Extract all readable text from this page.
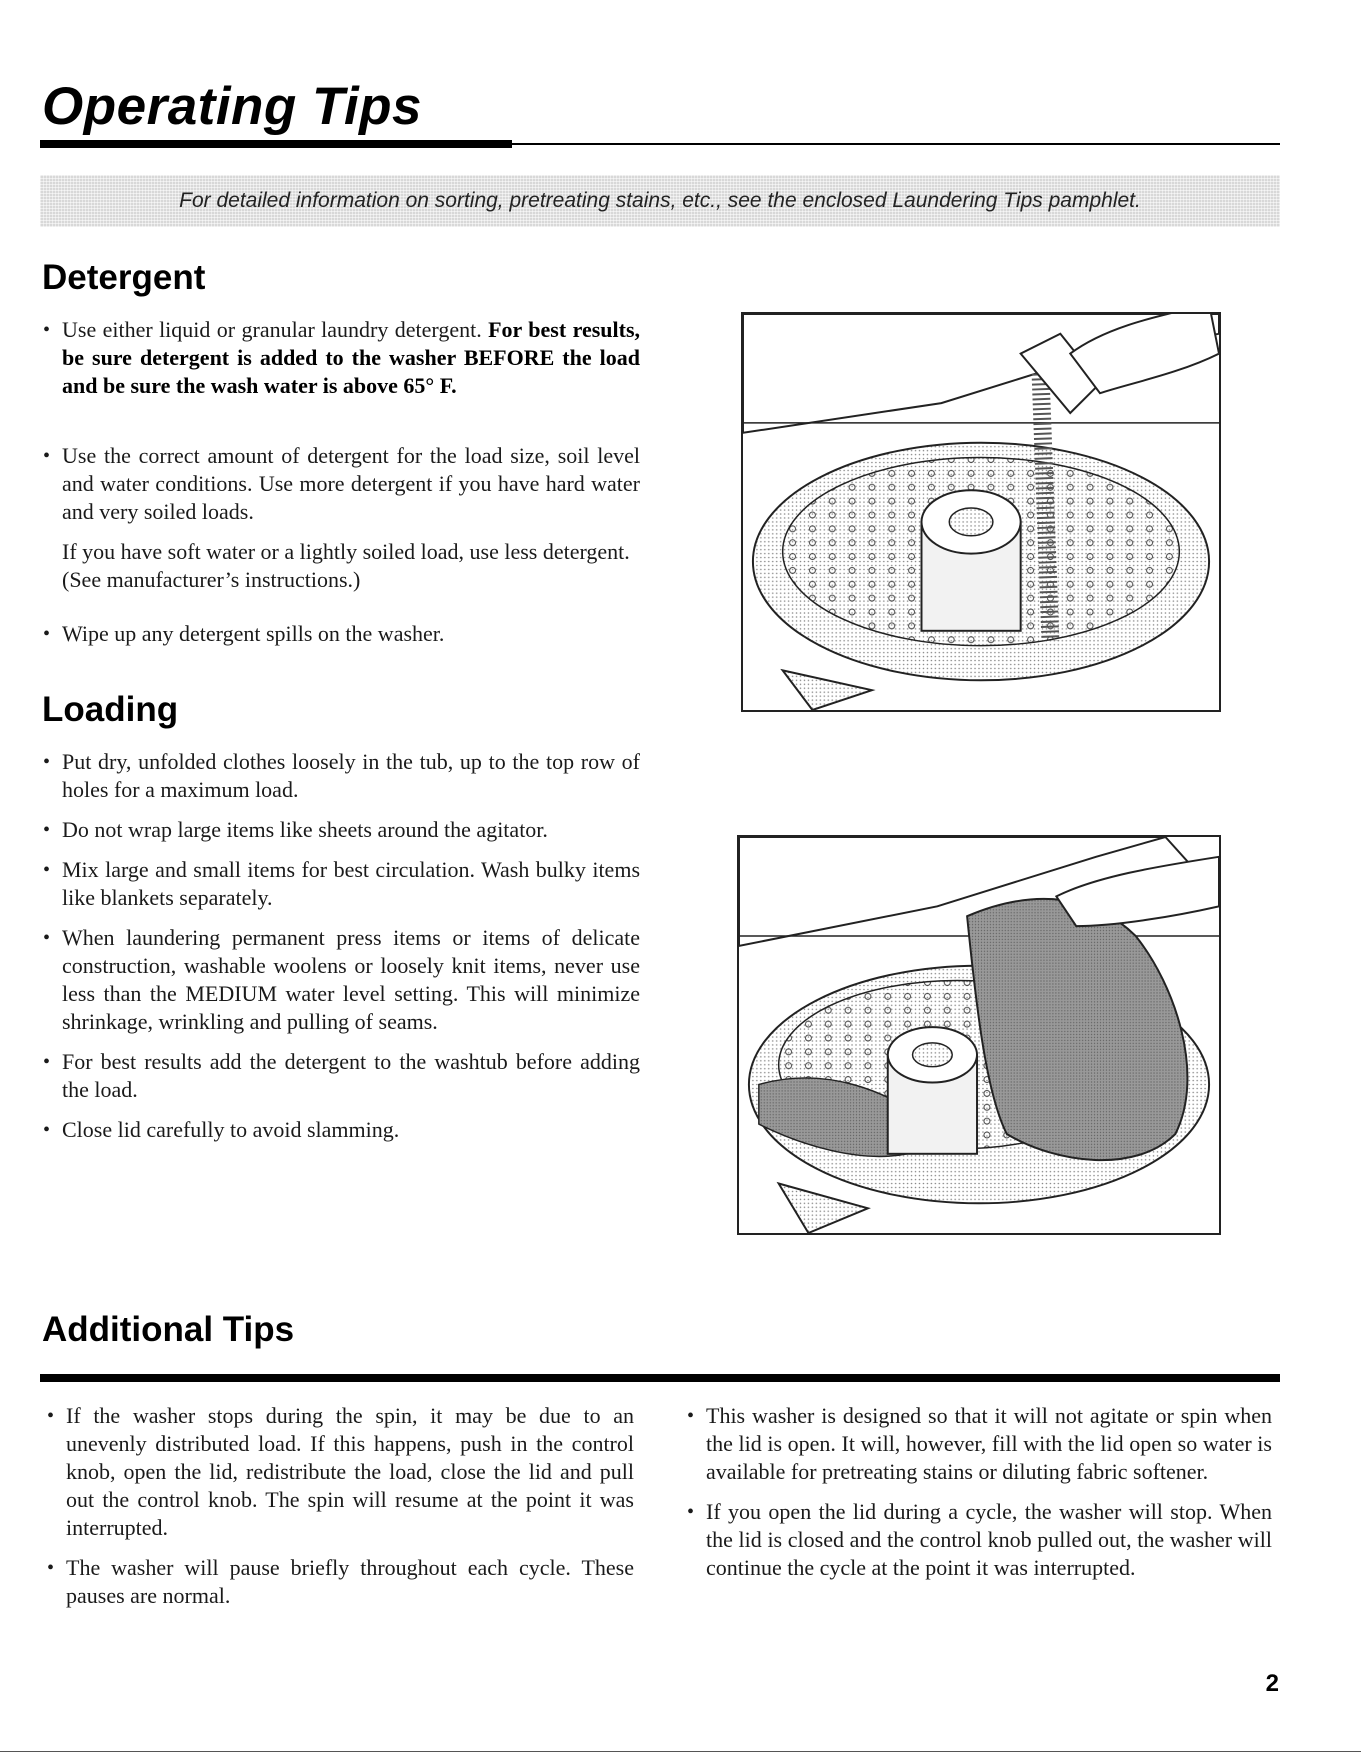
Operating Tips
For detailed information on sorting, pretreating stains, etc., see the enclosed Laundering Tips pamphlet.
Detergent
• Use either liquid or granular laundry detergent. For best results, be sure detergent is added to the washer BEFORE the load and be sure the wash water is above 65° F.
• Use the correct amount of detergent for the load size, soil level and water conditions. Use more detergent if you have hard water and very soiled loads.

If you have soft water or a lightly soiled load, use less detergent. (See manufacturer’s instructions.)

• Wipe up any detergent spills on the washer.
Loading
• Put dry, unfolded clothes loosely in the tub, up to the top row of holes for a maximum load.
• Do not wrap large items like sheets around the agitator.
• Mix large and small items for best circulation. Wash bulky items like blankets separately.
• When laundering permanent press items or items of delicate construction, washable woolens or loosely knit items, never use less than the MEDIUM water level setting. This will minimize shrinkage, wrinkling and pulling of seams.
• For best results add the detergent to the washtub before adding the load.
• Close lid carefully to avoid slamming.
Additional Tips
• If the washer stops during the spin, it may be due to an unevenly distributed load. If this happens, push in the control knob, open the lid, redistribute the load, close the lid and pull out the control knob. The spin will resume at the point it was interrupted.
• The washer will pause briefly throughout each cycle. These pauses are normal.
• This washer is designed so that it will not agitate or spin when the lid is open. It will, however, fill with the lid open so water is available for pretreating stains or diluting fabric softener.
• If you open the lid during a cycle, the washer will stop. When the lid is closed and the control knob pulled out, the washer will continue the cycle at the point it was interrupted.

2
